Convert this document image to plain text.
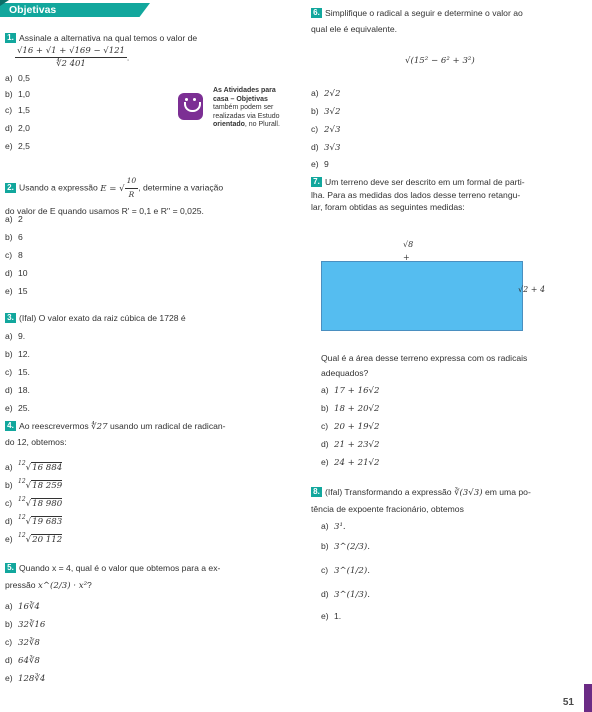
Objetivas
1. Assinale a alternativa na qual temos o valor de
$\frac{√16 + √1 + √169 - √121}{∜2 401}$ .
a) 0,5
b) 1,0
c) 1,5
d) 2,0
e) 2,5
As Atividades para
casa – Objetivas
também podem ser
realizadas via Estudo
orientado, no Plurall.
2. Usando a expressão E = √ $\frac{10}{R}$ , determine a variação
do valor de E quando usamos R' = 0,1 e R'' = 0,025.
a) 2
b) 6
c) 8
d) 10
e) 15
3. (Ifal) O valor exato da raiz cúbica de 1728 é
a) 9.
b) 12.
c) 15.
d) 18.
e) 25.
4. Ao reescrevermos ∜27 usando um radical de radican-
do 12, obtemos:
a) $^{12}$√16 884
b) $^{12}$√18 259
c) $^{12}$√18 980
d) $^{12}$√19 683
e) $^{12}$√20 112
5. Quando x = 4, qual é o valor que obtemos para a ex-
pressão x^(2/3) · x²?
a) 16∛4
b) 32∛16
c) 32∛8
d) 64∛8
e) 128∛4
6. Simplifique o radical a seguir e determine o valor ao
qual ele é equivalente.
√(15² − 6² + 3²)
a) 2√2
b) 3√2
c) 2√3
d) 3√3
e) 9
7. Um terreno deve ser descrito em um formal de parti-
lha. Para as medidas dos lados desse terreno retangu-
lar, foram obtidas as seguintes medidas:
√8 +
√2 + 4
Qual é a área desse terreno expressa com os radicais
adequados?
a) 17 + 16√2
b) 18 + 20√2
c) 20 + 19√2
d) 21 + 23√2
e) 24 + 21√2
8. (Ifal) Transformando a expressão ∛(3√3) em uma po-
tência de expoente fracionário, obtemos
a) 3¹.
b) 3^(2/3).
c) 3^(1/2).
d) 3^(1/3).
e) 1.
51
